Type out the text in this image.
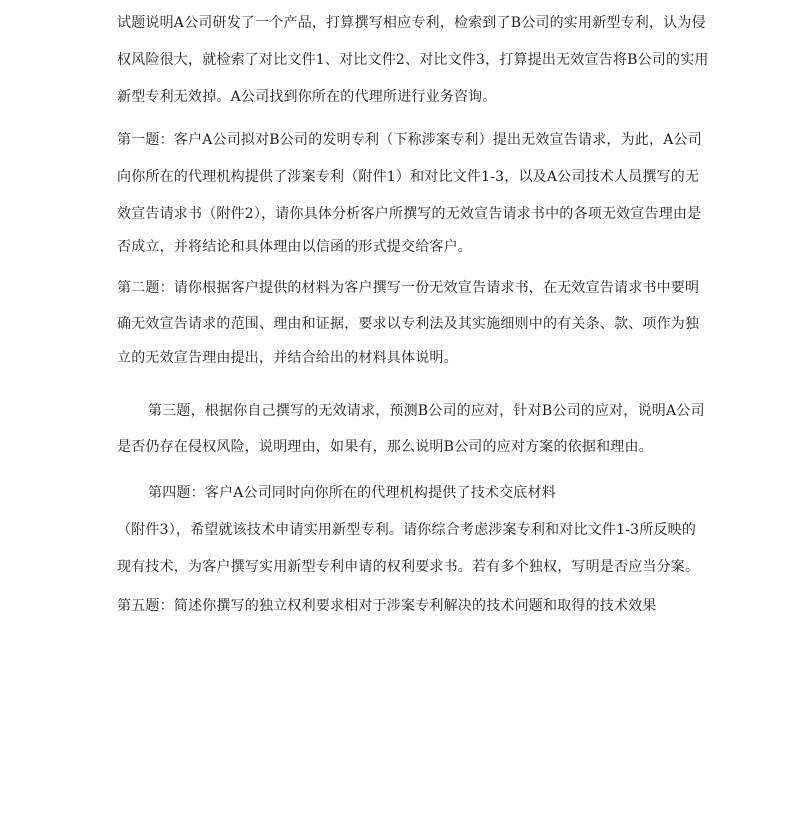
试题说明A公司研发了一个产品，打算撰写相应专利，检索到了B公司的实用新型专利，认为侵
权风险很大，就检索了对比文件1、对比文件2、对比文件3，打算提出无效宣告将B公司的实用
新型专利无效掉。A公司找到你所在的代理所进行业务咨询。
第一题：客户A公司拟对B公司的发明专利（下称涉案专利）提出无效宣告请求，为此，A公司
向你所在的代理机构提供了涉案专利（附件1）和对比文件1-3，以及A公司技术人员撰写的无
效宣告请求书（附件2），请你具体分析客户所撰写的无效宣告请求书中的各项无效宣告理由是
否成立，并将结论和具体理由以信函的形式提交给客户。
第二题：请你根据客户提供的材料为客户撰写一份无效宣告请求书，在无效宣告请求书中要明
确无效宣告请求的范围、理由和证据，要求以专利法及其实施细则中的有关条、款、项作为独
立的无效宣告理由提出，并结合给出的材料具体说明。
第三题，根据你自己撰写的无效请求，预测B公司的应对，针对B公司的应对，说明A公司
是否仍存在侵权风险，说明理由，如果有，那么说明B公司的应对方案的依据和理由。
第四题：客户A公司同时向你所在的代理机构提供了技术交底材料
（附件3），希望就该技术申请实用新型专利。请你综合考虑涉案专利和对比文件1-3所反映的
现有技术，为客户撰写实用新型专利申请的权利要求书。若有多个独权，写明是否应当分案。
第五题：简述你撰写的独立权利要求相对于涉案专利解决的技术问题和取得的技术效果
